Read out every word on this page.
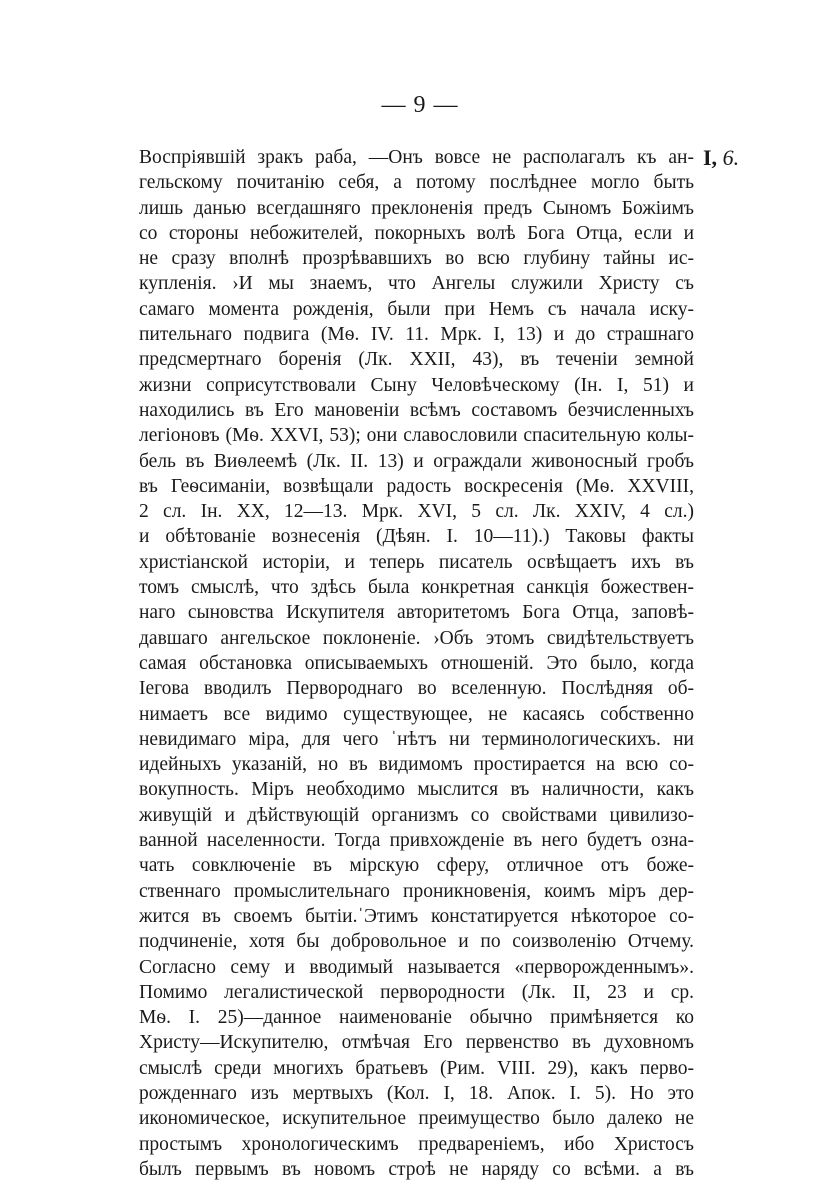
— 9 —
I, 6.
Воспріявшій зракъ раба, —Онъ вовсе не располагалъ къ ан-
гельскому почитанію себя, а потому послѣднее могло быть
лишь данью всегдашняго преклоненія предъ Сыномъ Божіимъ
со стороны небожителей, покорныхъ волѣ Бога Отца, если и
не сразу вполнѣ прозрѣвавшихъ во всю глубину тайны ис-
купленія. ›И мы знаемъ, что Ангелы служили Христу съ
самаго момента рожденія, были при Немъ съ начала иску-
пительнаго подвига (Мѳ. IV. 11. Мрк. I, 13) и до страшнаго
предсмертнаго боренія (Лк. XXII, 43), въ теченіи земной
жизни соприсутствовали Сыну Человѣческому (Ін. I, 51) и
находились въ Его мановеніи всѣмъ составомъ безчисленныхъ
легіоновъ (Мѳ. XXVI, 53); они славословили спасительную колы-
бель въ Виѳлеемѣ (Лк. II. 13) и ограждали живоносный гробъ
въ Геѳсиманіи, возвѣщали радость воскресенія (Мѳ. XXVIII,
2 сл. Ін. XX, 12—13. Мрк. XVI, 5 сл. Лк. XXIV, 4 сл.)
и обѣтованіе вознесенія (Дѣян. I. 10—11).) Таковы факты
христіанской исторіи, и теперь писатель освѣщаетъ ихъ въ
томъ смыслѣ, что здѣсь была конкретная санкція божествен-
наго сыновства Искупителя авторитетомъ Бога Отца, заповѣ-
давшаго ангельское поклоненіе. ›Объ этомъ свидѣтельствуетъ
самая обстановка описываемыхъ отношеній. Это было, когда
Іегова вводилъ Первороднаго во вселенную. Послѣдняя об-
нимаетъ все видимо существующее, не касаясь собственно
невидимаго міра, для чего ˈнѣтъ ни терминологическихъ. ни
идейныхъ указаній, но въ видимомъ простирается на всю со-
вокупность. Міръ необходимо мыслится въ наличности, какъ
живущій и дѣйствующій организмъ со свойствами цивилизо-
ванной населенности. Тогда привхожденіе въ него будетъ озна-
чать совключеніе въ мірскую сферу, отличное отъ боже-
ственнаго промыслительнаго проникновенія, коимъ міръ дер-
жится въ своемъ бытіи.ˈЭтимъ констатируется нѣкоторое со-
подчиненіе, хотя бы добровольное и по соизволенію Отчему.
Согласно сему и вводимый называется «перворожденнымъ».
Помимо легалистической первородности (Лк. II, 23 и ср.
Мѳ. I. 25)—данное наименованіе обычно примѣняется ко
Христу—Искупителю, отмѣчая Его первенство въ духовномъ
смыслѣ среди многихъ братьевъ (Рим. VIII. 29), какъ перво-
рожденнаго изъ мертвыхъ (Кол. I, 18. Апок. I. 5). Но это
икономическое, искупительное преимущество было далеко не
простымъ хронологическимъ предвареніемъ, ибо Христосъ
былъ первымъ въ новомъ строѣ не наряду со всѣми. а въ
